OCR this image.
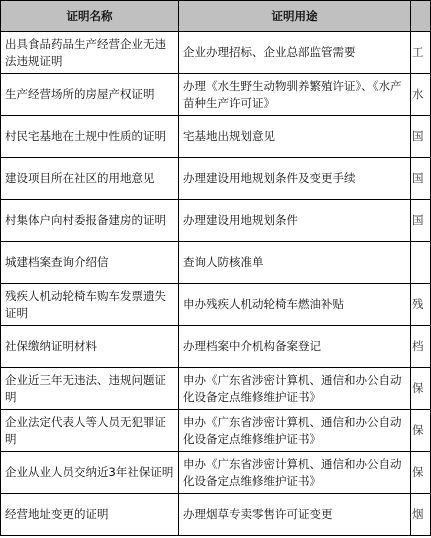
证明名称	证明用途	
出具食品药品生产经营企业无违法违规证明	企业办理招标、企业总部监管需要	工
生产经营场所的房屋产权证明	办理《水生野生动物驯养繁殖许证》、《水产苗种生产许可证》	水
村民宅基地在土规中性质的证明	宅基地出规划意见	国
建设项目所在社区的用地意见	办理建设用地规划条件及变更手续	国
村集体户向村委报备建房的证明	办理建设用地规划条件	国
城建档案查询介绍信	查询人防核准单	
残疾人机动轮椅车购车发票遗失证明	申办残疾人机动轮椅车燃油补贴	残
社保缴纳证明材料	办理档案中介机构备案登记	档
企业近三年无违法、违规问题证明	申办《广东省涉密计算机、通信和办公自动化设备定点维修维护证书》	保
企业法定代表人等人员无犯罪证明	申办《广东省涉密计算机、通信和办公自动化设备定点维修维护证书》	保
企业从业人员交纳近3年社保证明	申办《广东省涉密计算机、通信和办公自动化设备定点维修维护证书》	保
经营地址变更的证明	办理烟草专卖零售许可证变更	烟
